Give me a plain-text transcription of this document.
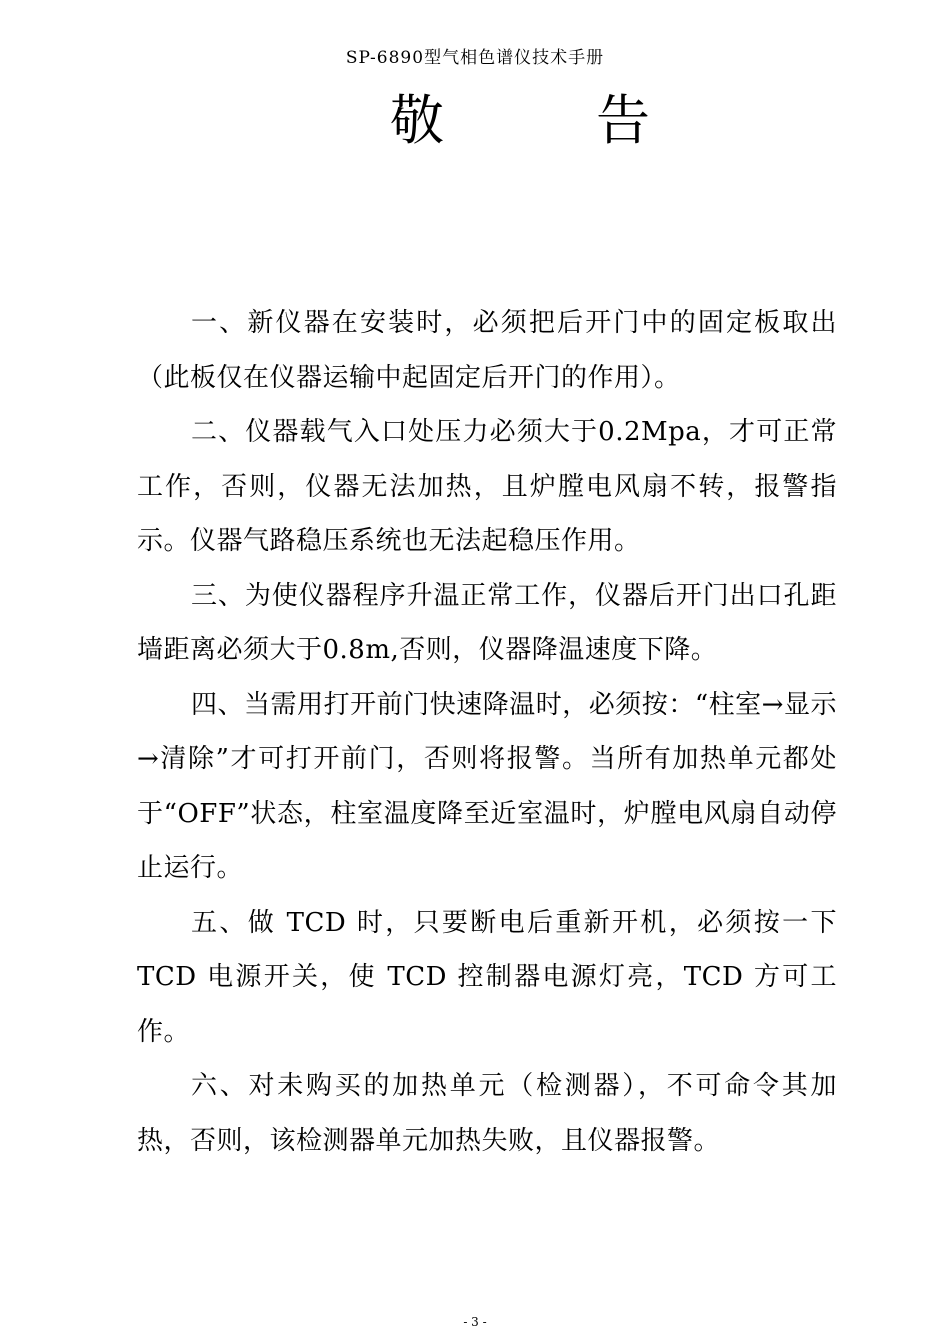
SP-6890型气相色谱仪技术手册
敬	告

一、新仪器在安装时，必须把后开门中的固定板取出（此板仅在仪器运输中起固定后开门的作用）。

二、仪器载气入口处压力必须大于0.2Mpa，才可正常工作，否则，仪器无法加热，且炉膛电风扇不转，报警指示。仪器气路稳压系统也无法起稳压作用。

三、为使仪器程序升温正常工作，仪器后开门出口孔距墙距离必须大于0.8m,否则，仪器降温速度下降。

四、当需用打开前门快速降温时，必须按：“柱室→显示→清除”才可打开前门，否则将报警。当所有加热单元都处于“OFF”状态，柱室温度降至近室温时，炉膛电风扇自动停止运行。

五、做 TCD 时，只要断电后重新开机，必须按一下TCD 电源开关，使 TCD 控制器电源灯亮，TCD 方可工作。

六、对未购买的加热单元（检测器），不可命令其加热，否则，该检测器单元加热失败，且仪器报警。

- 3 -
